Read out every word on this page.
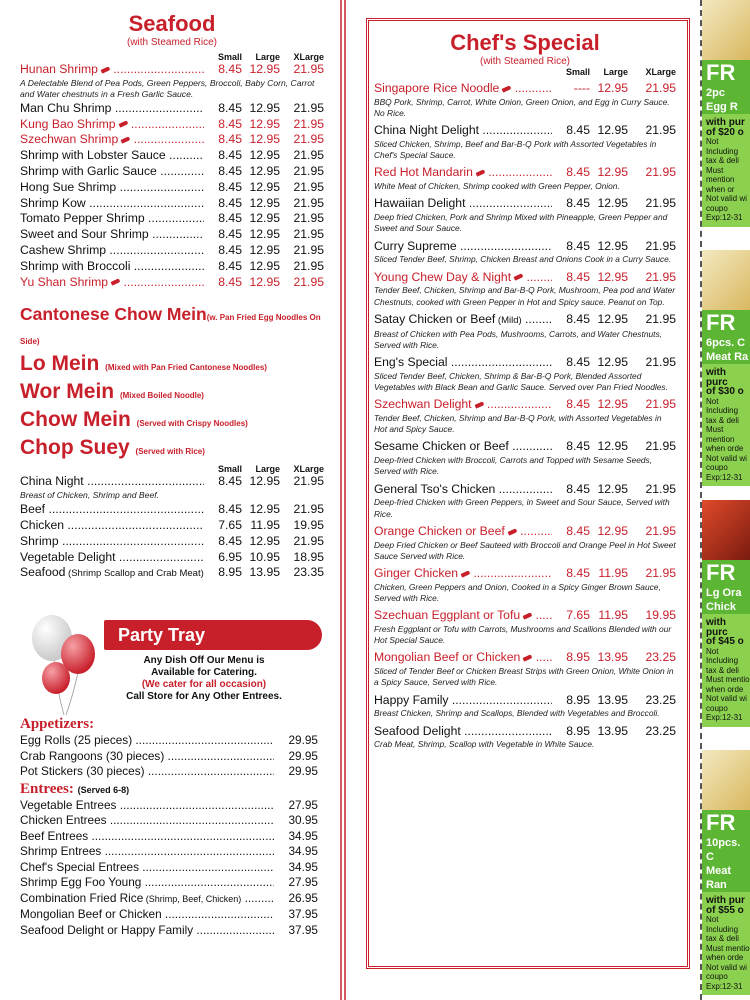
Seafood
(with Steamed Rice)
Small	Large	XLarge
Hunan Shrimp .....	8.45 12.95	21.95
A Delectable Blend of Pea Pods, Green Peppers, Broccoli, Baby Corn, Carrot and Water chestnuts in a Fresh Garlic Sauce.
Man Chu Shrimp .....	8.45 12.95	21.95
Kung Bao Shrimp .....	8.45 12.95	21.95
Szechwan Shrimp .....	8.45 12.95	21.95
Shrimp with Lobster Sauce .....	8.45 12.95	21.95
Shrimp with Garlic Sauce .....	8.45 12.95	21.95
Hong Sue Shrimp .....	8.45 12.95	21.95
Shrimp Kow .....	8.45 12.95	21.95
Tomato Pepper Shrimp .....	8.45 12.95	21.95
Sweet and Sour Shrimp .....	8.45 12.95	21.95
Cashew Shrimp .....	8.45 12.95	21.95
Shrimp with Broccoli .....	8.45 12.95	21.95
Yu Shan Shrimp .....	8.45 12.95	21.95
Cantonese Chow Mein(w. Pan Fried Egg Noodles On Side)
Lo Mein (Mixed with Pan Fried Cantonese Noodles)
Wor Mein (Mixed Boiled Noodle)
Chow Mein (Served with Crispy Noodles)
Chop Suey (Served with Rice)
Small	Large	XLarge
China Night .....	8.45 12.95	21.95
Breast of Chicken, Shrimp and Beef.
Beef .....	8.45 12.95	21.95
Chicken .....	7.65 11.95	19.95
Shrimp .....	8.45 12.95	21.95
Vegetable Delight .....	6.95 10.95	18.95
Seafood (Shrimp Scallop and Crab Meat) .....	8.95 13.95	23.35
Party Tray
Any Dish Off Our Menu is
Available for Catering.
(We cater for all occasion)
Call Store for Any Other Entrees.
Appetizers:
Egg Rolls (25 pieces) .....	29.95
Crab Rangoons (30 pieces) .....	29.95
Pot Stickers (30 pieces) .....	29.95
Entrees: (Served 6-8)
Vegetable Entrees .....	27.95
Chicken Entrees .....	30.95
Beef Entrees .....	34.95
Shrimp Entrees .....	34.95
Chef's Special Entrees .....	34.95
Shrimp Egg Foo Young .....	27.95
Combination Fried Rice (Shrimp, Beef, Chicken) .....	26.95
Mongolian Beef or Chicken .....	37.95
Seafood Delight or Happy Family .....	37.95
Chef's Special
(with Steamed Rice)
Small	Large	XLarge
Singapore Rice Noodle .....	---- 12.95	21.95
BBQ Pork, Shrimp, Carrot, White Onion, Green Onion, and Egg in Curry Sauce. No Rice.
China Night Delight .....	8.45 12.95	21.95
Sliced Chicken, Shrimp, Beef and Bar-B-Q Pork with Assorted Vegetables in Chef's Special Sauce.
Red Hot Mandarin .....	8.45 12.95	21.95
White Meat of Chicken, Shrimp cooked with Green Pepper, Onion.
Hawaiian Delight .....	8.45 12.95	21.95
Deep fried Chicken, Pork and Shrimp Mixed with Pineapple, Green Pepper and Sweet and Sour Sauce.
Curry Supreme .....	8.45 12.95	21.95
Sliced Tender Beef, Shrimp, Chicken Breast and Onions Cook in a Curry Sauce.
Young Chew Day & Night .....	8.45 12.95	21.95
Tender Beef, Chicken, Shrimp and Bar-B-Q Pork, Mushroom, Pea pod and Water Chestnuts, cooked with Green Pepper in Hot and Spicy sauce. Peanut on Top.
Satay Chicken or Beef (Mild) .....	8.45 12.95	21.95
Breast of Chicken with Pea Pods, Mushrooms, Carrots, and Water Chestnuts, Served with Rice.
Eng's Special .....	8.45 12.95	21.95
Sliced Tender Beef, Chicken, Shrimp & Bar-B-Q Pork, Blended Assorted Vegetables with Black Bean and Garlic Sauce. Served over Pan Fried Noodles.
Szechwan Delight .....	8.45 12.95	21.95
Tender Beef, Chicken, Shrimp and Bar-B-Q Pork, with Assorted Vegetables in Hot and Spicy Sauce.
Sesame Chicken or Beef .....	8.45 12.95	21.95
Deep-fried Chicken with Broccoli, Carrots and Topped with Sesame Seeds, Served with Rice.
General Tso's Chicken .....	8.45 12.95	21.95
Deep-fried Chicken with Green Peppers, in Sweet and Sour Sauce, Served with Rice.
Orange Chicken or Beef .....	8.45 12.95	21.95
Deep Fried Chicken or Beef Sauteed with Broccoli and Orange Peel in Hot Sweet Sauce Served with Rice.
Ginger Chicken .....	8.45 11.95	21.95
Chicken, Green Peppers and Onion, Cooked in a Spicy Ginger Brown Sauce, Served with Rice.
Szechuan Eggplant or Tofu .....	7.65 11.95	19.95
Fresh Eggplant or Tofu with Carrots, Mushrooms and Scallions Blended with our Hot Special Sauce.
Mongolian Beef or Chicken .....	8.95 13.95	23.25
Sliced of Tender Beef or Chicken Breast Strips with Green Onion, White Onion in a Spicy Sauce, Served with Rice.
Happy Family .....	8.95 13.95	23.25
Breast Chicken, Shrimp and Scallops, Blended with Vegetables and Broccoli.
Seafood Delight .....	8.95 13.95	23.25
Crab Meat, Shrimp, Scallop with Vegetable in White Sauce.
FR
2pc
Egg R
with pur
of $20 o
Not Including
tax & deli
Must mention
when or
Not valid wi
coupo
Exp:12-31
FR
6pcs. C
Meat Ra
with purc
of $30 o
Not Including
tax & deli
Must mention
when orde
Not valid wi
coupo
Exp:12-31
FR
Lg Ora
Chick
with purc
of $45 o
Not Including
tax & deli
Must mentio
when orde
Not valid wi
coupo
Exp:12-31
FR
10pcs. C
Meat Ran
with pur
of $55 o
Not Including
tax & deli
Must mentio
when orde
Not valid wi
coupo
Exp:12-31
